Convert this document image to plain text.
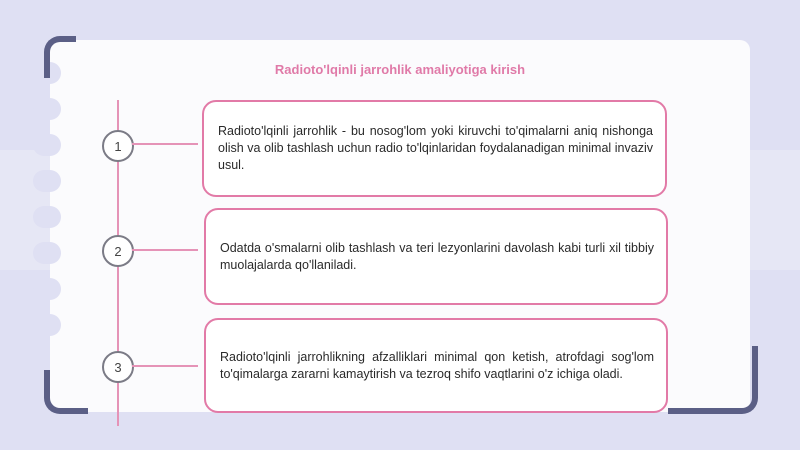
Radioto'lqinli jarrohlik amaliyotiga kirish
1

Radioto'lqinli jarrohlik - bu nosog'lom yoki kiruvchi to'qimalarni aniq nishonga olish va olib tashlash uchun radio to'lqinlaridan foydalanadigan minimal invaziv usul.

2	Odatda o'smalarni olib tashlash va teri lezyonlarini davolash kabi turli xil tibbiy muolajalarda qo'llaniladi.

3

Radioto'lqinli jarrohlikning afzalliklari minimal qon ketish, atrofdagi sog'lom to'qimalarga zararni kamaytirish va tezroq shifo vaqtlarini o'z ichiga oladi.
